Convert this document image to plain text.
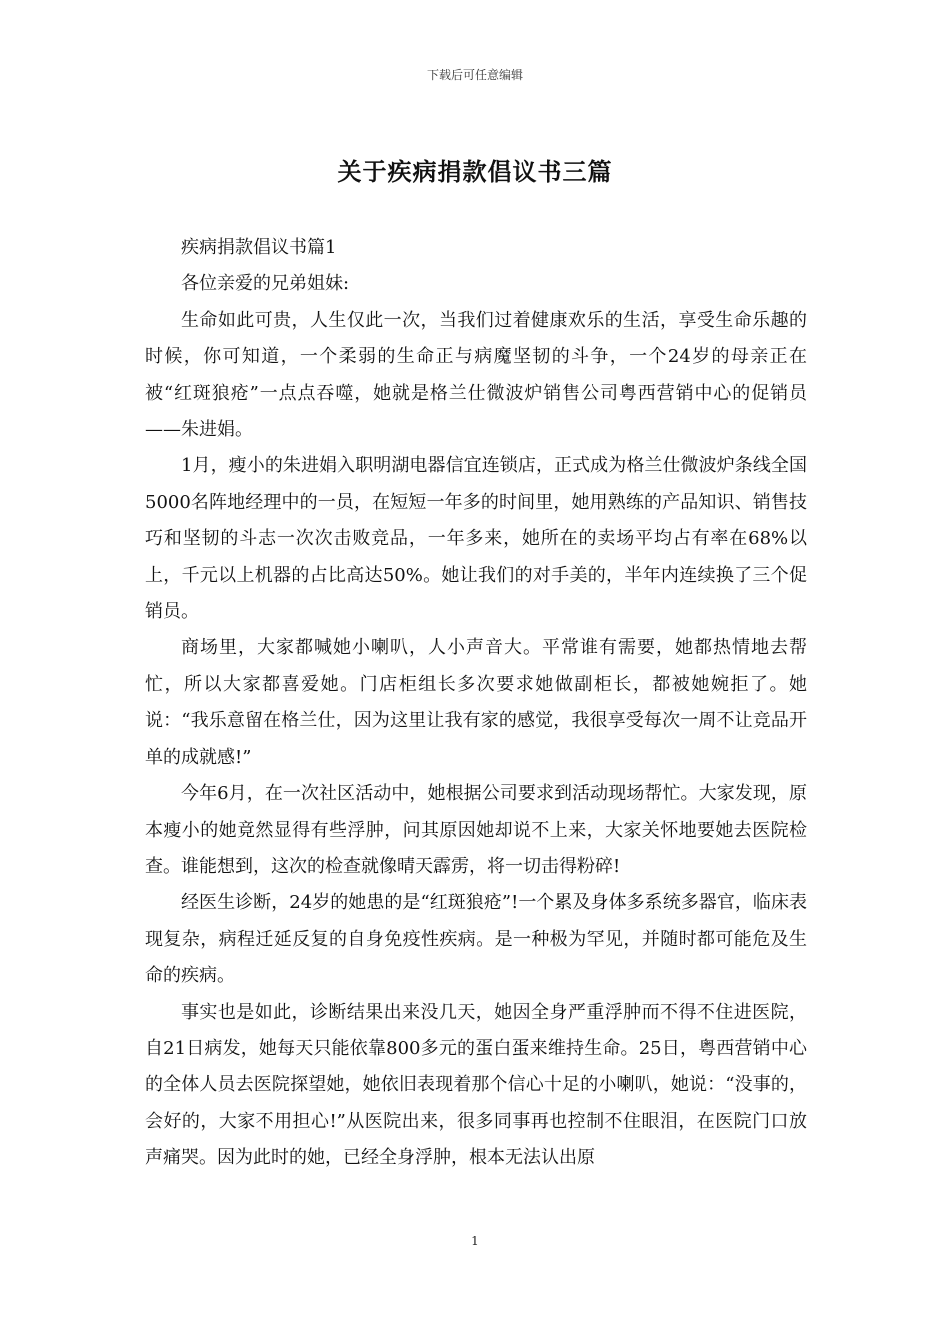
下载后可任意编辑
关于疾病捐款倡议书三篇

疾病捐款倡议书篇1

各位亲爱的兄弟姐妹:

生命如此可贵，人生仅此一次，当我们过着健康欢乐的生活，享受生命乐趣的时候，你可知道，一个柔弱的生命正与病魔坚韧的斗争，一个24岁的母亲正在被“红斑狼疮”一点点吞噬，她就是格兰仕微波炉销售公司粤西营销中心的促销员——朱进娟。

1月，瘦小的朱进娟入职明湖电器信宜连锁店，正式成为格兰仕微波炉条线全国5000名阵地经理中的一员，在短短一年多的时间里，她用熟练的产品知识、销售技巧和坚韧的斗志一次次击败竞品，一年多来，她所在的卖场平均占有率在68%以上，千元以上机器的占比高达50%。她让我们的对手美的，半年内连续换了三个促销员。

商场里，大家都喊她小喇叭，人小声音大。平常谁有需要，她都热情地去帮忙，所以大家都喜爱她。门店柜组长多次要求她做副柜长，都被她婉拒了。她说：“我乐意留在格兰仕，因为这里让我有家的感觉，我很享受每次一周不让竞品开单的成就感!”

今年6月，在一次社区活动中，她根据公司要求到活动现场帮忙。大家发现，原本瘦小的她竟然显得有些浮肿，问其原因她却说不上来，大家关怀地要她去医院检查。谁能想到，这次的检查就像晴天霹雳，将一切击得粉碎!

经医生诊断，24岁的她患的是“红斑狼疮”!一个累及身体多系统多器官，临床表现复杂，病程迁延反复的自身免疫性疾病。是一种极为罕见，并随时都可能危及生命的疾病。

事实也是如此，诊断结果出来没几天，她因全身严重浮肿而不得不住进医院，自21日病发，她每天只能依靠800多元的蛋白蛋来维持生命。25日，粤西营销中心的全体人员去医院探望她，她依旧表现着那个信心十足的小喇叭，她说：“没事的，会好的，大家不用担心!”从医院出来，很多同事再也控制不住眼泪，在医院门口放声痛哭。因为此时的她，已经全身浮肿，根本无法认出原

1
